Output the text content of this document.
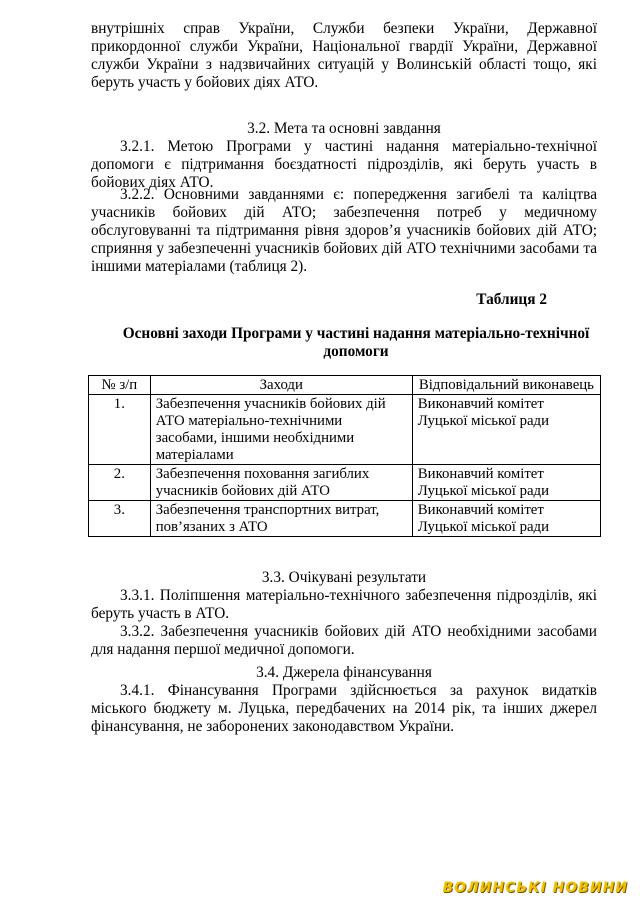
внутрішніх справ України, Служби безпеки України, Державної прикордонної служби України, Національної гвардії України, Державної служби України з надзвичайних ситуацій у Волинській області тощо, які беруть участь у бойових діях АТО.

3.2. Мета та основні завдання

3.2.1. Метою Програми у частині надання матеріально-технічної допомоги є підтримання боєздатності підрозділів, які беруть участь в бойових діях АТО.

3.2.2. Основними завданнями є: попередження загибелі та каліцтва учасників бойових дій АТО; забезпечення потреб у медичному обслуговуванні та підтримання рівня здоров’я учасників бойових дій АТО; сприяння у забезпеченні учасників бойових дій АТО технічними засобами та іншими матеріалами (таблиця 2).

Таблиця 2

Основні заходи Програми у частині надання матеріально-технічної допомоги

№ з/п	Заходи	Відповідальний виконавець
1.	Забезпечення учасників бойових дій АТО матеріально-технічними засобами, іншими необхідними матеріалами	Виконавчий комітет Луцької міської ради
2.	Забезпечення поховання загиблих учасників бойових дій АТО	Виконавчий комітет Луцької міської ради
3.	Забезпечення транспортних витрат, пов’язаних з АТО	Виконавчий комітет Луцької міської ради

3.3. Очікувані результати

3.3.1. Поліпшення матеріально-технічного забезпечення підрозділів, які беруть участь в АТО.

3.3.2. Забезпечення учасників бойових дій АТО необхідними засобами для надання першої медичної допомоги.

3.4. Джерела фінансування

3.4.1. Фінансування Програми здійснюється за рахунок видатків міського бюджету м. Луцька, передбачених на 2014 рік, та інших джерел фінансування, не заборонених законодавством України.

ВОЛИНСЬКІ НОВИНИ
